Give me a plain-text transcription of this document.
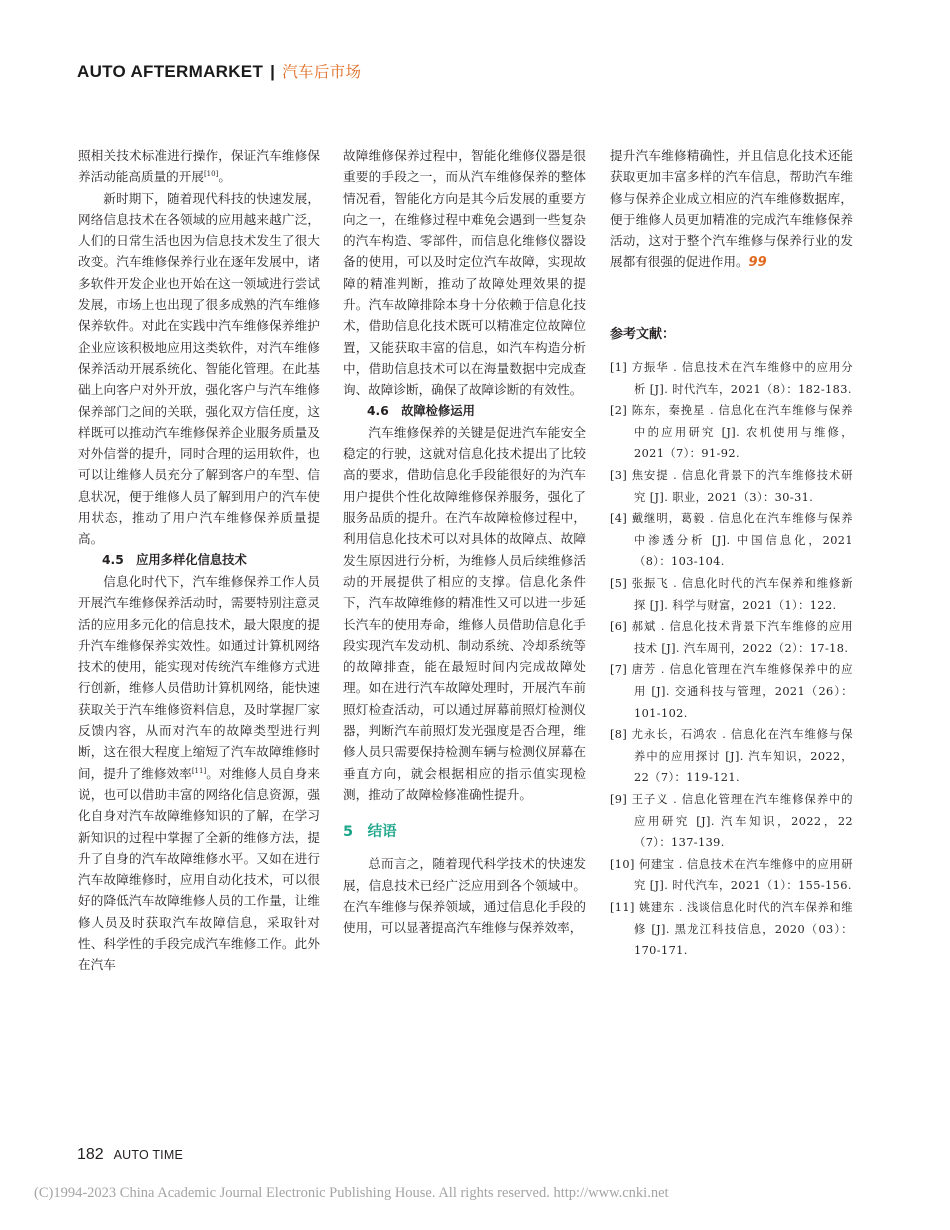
AUTO AFTERMARKET | 汽车后市场

照相关技术标准进行操作，保证汽车维修保养活动能高质量的开展[10]。

新时期下，随着现代科技的快速发展，网络信息技术在各领域的应用越来越广泛，人们的日常生活也因为信息技术发生了很大改变。汽车维修保养行业在逐年发展中，诸多软件开发企业也开始在这一领域进行尝试发展，市场上也出现了很多成熟的汽车维修保养软件。对此在实践中汽车维修保养维护企业应该积极地应用这类软件，对汽车维修保养活动开展系统化、智能化管理。在此基础上向客户对外开放，强化客户与汽车维修保养部门之间的关联，强化双方信任度，这样既可以推动汽车维修保养企业服务质量及对外信誉的提升，同时合理的运用软件，也可以让维修人员充分了解到客户的车型、信息状况，便于维修人员了解到用户的汽车使用状态，推动了用户汽车维修保养质量提高。

4.5　应用多样化信息技术

信息化时代下，汽车维修保养工作人员开展汽车维修保养活动时，需要特别注意灵活的应用多元化的信息技术，最大限度的提升汽车维修保养实效性。如通过计算机网络技术的使用，能实现对传统汽车维修方式进行创新，维修人员借助计算机网络，能快速获取关于汽车维修资料信息，及时掌握厂家反馈内容，从而对汽车的故障类型进行判断，这在很大程度上缩短了汽车故障维修时间，提升了维修效率[11]。对维修人员自身来说，也可以借助丰富的网络化信息资源，强化自身对汽车故障维修知识的了解，在学习新知识的过程中掌握了全新的维修方法，提升了自身的汽车故障维修水平。又如在进行汽车故障维修时，应用自动化技术，可以很好的降低汽车故障维修人员的工作量，让维修人员及时获取汽车故障信息，采取针对性、科学性的手段完成汽车维修工作。此外在汽车

故障维修保养过程中，智能化维修仪器是很重要的手段之一，而从汽车维修保养的整体情况看，智能化方向是其今后发展的重要方向之一，在维修过程中难免会遇到一些复杂的汽车构造、零部件，而信息化维修仪器设备的使用，可以及时定位汽车故障，实现故障的精准判断，推动了故障处理效果的提升。汽车故障排除本身十分依赖于信息化技术，借助信息化技术既可以精准定位故障位置，又能获取丰富的信息，如汽车构造分析中，借助信息技术可以在海量数据中完成查询、故障诊断，确保了故障诊断的有效性。

4.6　故障检修运用

汽车维修保养的关键是促进汽车能安全稳定的行驶，这就对信息化技术提出了比较高的要求，借助信息化手段能很好的为汽车用户提供个性化故障维修保养服务，强化了服务品质的提升。在汽车故障检修过程中，利用信息化技术可以对具体的故障点、故障发生原因进行分析，为维修人员后续维修活动的开展提供了相应的支撑。信息化条件下，汽车故障维修的精准性又可以进一步延长汽车的使用寿命，维修人员借助信息化手段实现汽车发动机、制动系统、冷却系统等的故障排查，能在最短时间内完成故障处理。如在进行汽车故障处理时，开展汽车前照灯检查活动，可以通过屏幕前照灯检测仪器，判断汽车前照灯发光强度是否合理，维修人员只需要保持检测车辆与检测仪屏幕在垂直方向，就会根据相应的指示值实现检测，推动了故障检修准确性提升。

5　结语

总而言之，随着现代科学技术的快速发展，信息技术已经广泛应用到各个领域中。在汽车维修与保养领域，通过信息化手段的使用，可以显著提高汽车维修与保养效率，

提升汽车维修精确性，并且信息化技术还能获取更加丰富多样的汽车信息，帮助汽车维修与保养企业成立相应的汽车维修数据库，便于维修人员更加精准的完成汽车维修保养活动，这对于整个汽车维修与保养行业的发展都有很强的促进作用。99

参考文献：
[1] 方振华 . 信息技术在汽车维修中的应用分析 [J]. 时代汽车，2021（8）：182-183.
[2] 陈东，秦挽星 . 信息化在汽车维修与保养中的应用研究 [J]. 农机使用与维修，2021（7）：91-92.
[3] 焦安提 . 信息化背景下的汽车维修技术研究 [J]. 职业，2021（3）：30-31.
[4] 戴继明，葛毅 . 信息化在汽车维修与保养中渗透分析 [J]. 中国信息化，2021（8）：103-104.
[5] 张振飞 . 信息化时代的汽车保养和维修新探 [J]. 科学与财富，2021（1）：122.
[6] 郝斌 . 信息化技术背景下汽车维修的应用技术 [J]. 汽车周刊，2022（2）：17-18.
[7] 唐芳 . 信息化管理在汽车维修保养中的应用 [J]. 交通科技与管理，2021（26）：101-102.
[8] 尤永长，石鸿农 . 信息化在汽车维修与保养中的应用探讨 [J]. 汽车知识，2022，22（7）：119-121.
[9] 王子义 . 信息化管理在汽车维修保养中的应用研究 [J]. 汽车知识，2022，22（7）：137-139.
[10] 何建宝 . 信息技术在汽车维修中的应用研究 [J]. 时代汽车，2021（1）：155-156.
[11] 姚建东 . 浅谈信息化时代的汽车保养和维修 [J]. 黑龙江科技信息，2020（03）：170-171.
182 AUTO TIME
(C)1994-2023 China Academic Journal Electronic Publishing House. All rights reserved. http://www.cnki.net
